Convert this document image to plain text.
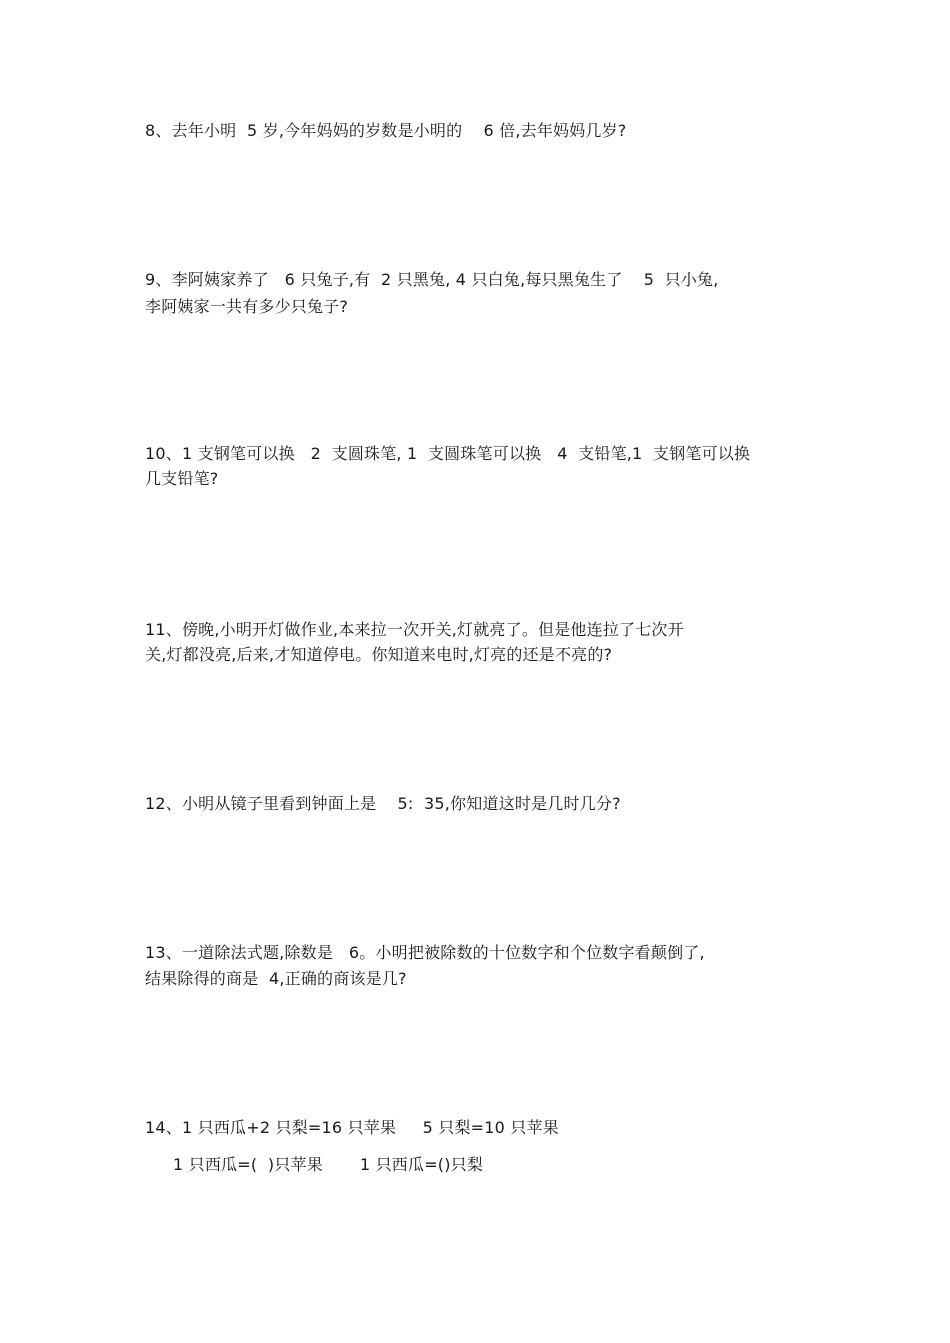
8、去年小明  5 岁,今年妈妈的岁数是小明的    6 倍,去年妈妈几岁?
9、李阿姨家养了   6 只兔子,有  2 只黑兔, 4 只白兔,每只黑兔生了    5  只小兔,
李阿姨家一共有多少只兔子?
10、1 支钢笔可以换   2  支圆珠笔, 1  支圆珠笔可以换   4  支铅笔,1  支钢笔可以换
几支铅笔?
11、傍晚,小明开灯做作业,本来拉一次开关,灯就亮了。但是他连拉了七次开
关,灯都没亮,后来,才知道停电。你知道来电时,灯亮的还是不亮的?
12、小明从镜子里看到钟面上是    5:  35,你知道这时是几时几分?
13、一道除法式题,除数是   6。小明把被除数的十位数字和个位数字看颠倒了,
结果除得的商是  4,正确的商该是几?
14、1 只西瓜+2 只梨=16 只苹果     5 只梨=10 只苹果
1 只西瓜=(  )只苹果       1 只西瓜=()只梨
